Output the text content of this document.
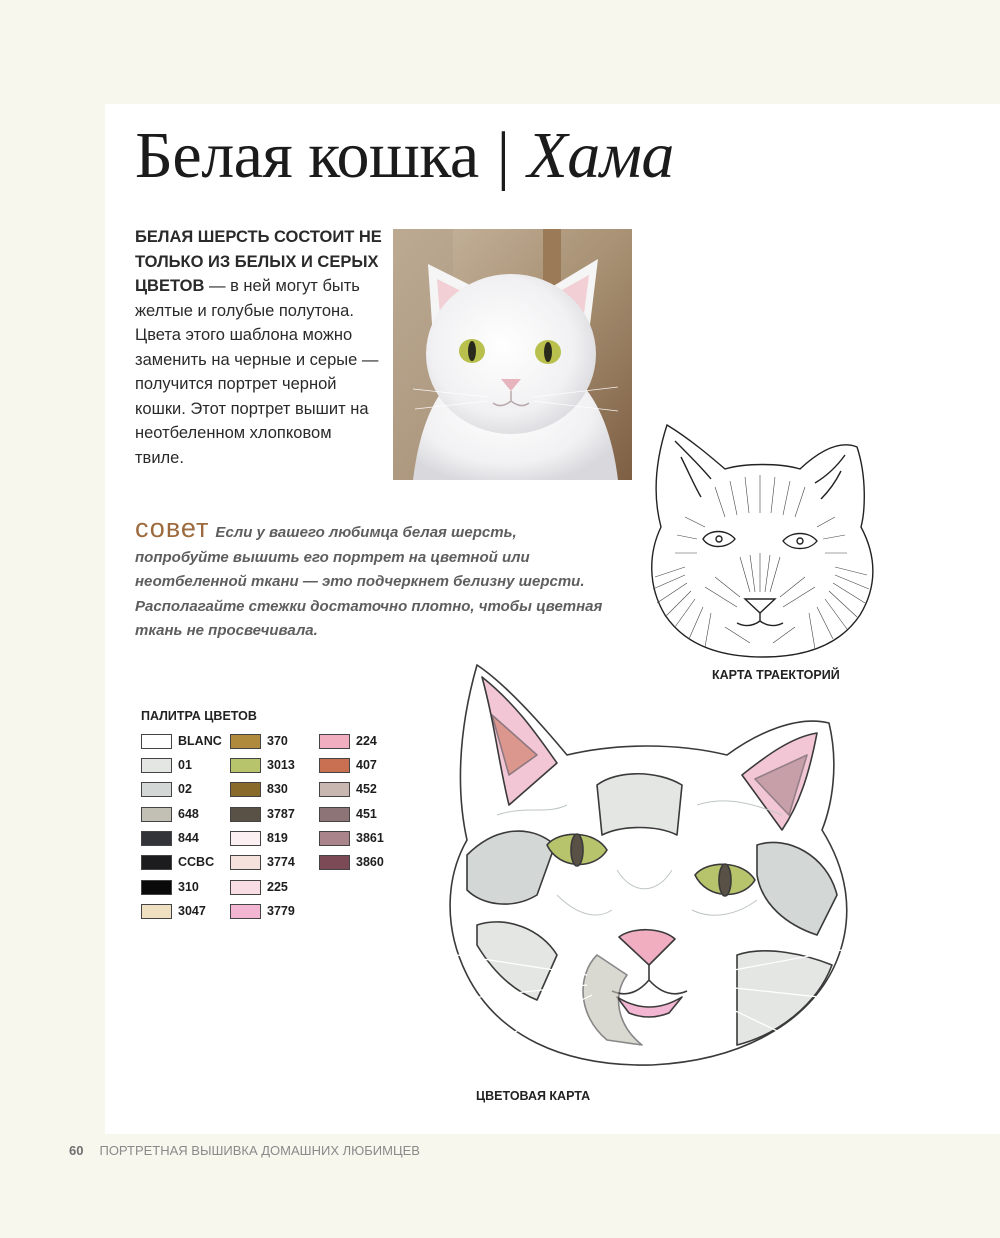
Белая кошка | Хама
БЕЛАЯ ШЕРСТЬ СОСТОИТ НЕ ТОЛЬКО ИЗ БЕЛЫХ И СЕРЫХ ЦВЕТОВ — в ней могут быть желтые и голубые полутона. Цвета этого шаблона можно заменить на черные и серые — получится портрет черной кошки. Этот портрет вышит на неотбеленном хлопковом твиле.
совет Если у вашего любимца белая шерсть, попробуйте вышить его портрет на цветной или неотбеленной ткани — это подчеркнет белизну шерсти. Располагайте стежки достаточно плотно, чтобы цветная ткань не просвечивала.
КАРТА ТРАЕКТОРИЙ
ПАЛИТРА ЦВЕТОВ
BLANC
01
02
648
844
CCBC
310
3047
370
3013
830
3787
819
3774
225
3779
224
407
452
451
3861
3860
ЦВЕТОВАЯ КАРТА
60 ПОРТРЕТНАЯ ВЫШИВКА ДОМАШНИХ ЛЮБИМЦЕВ
